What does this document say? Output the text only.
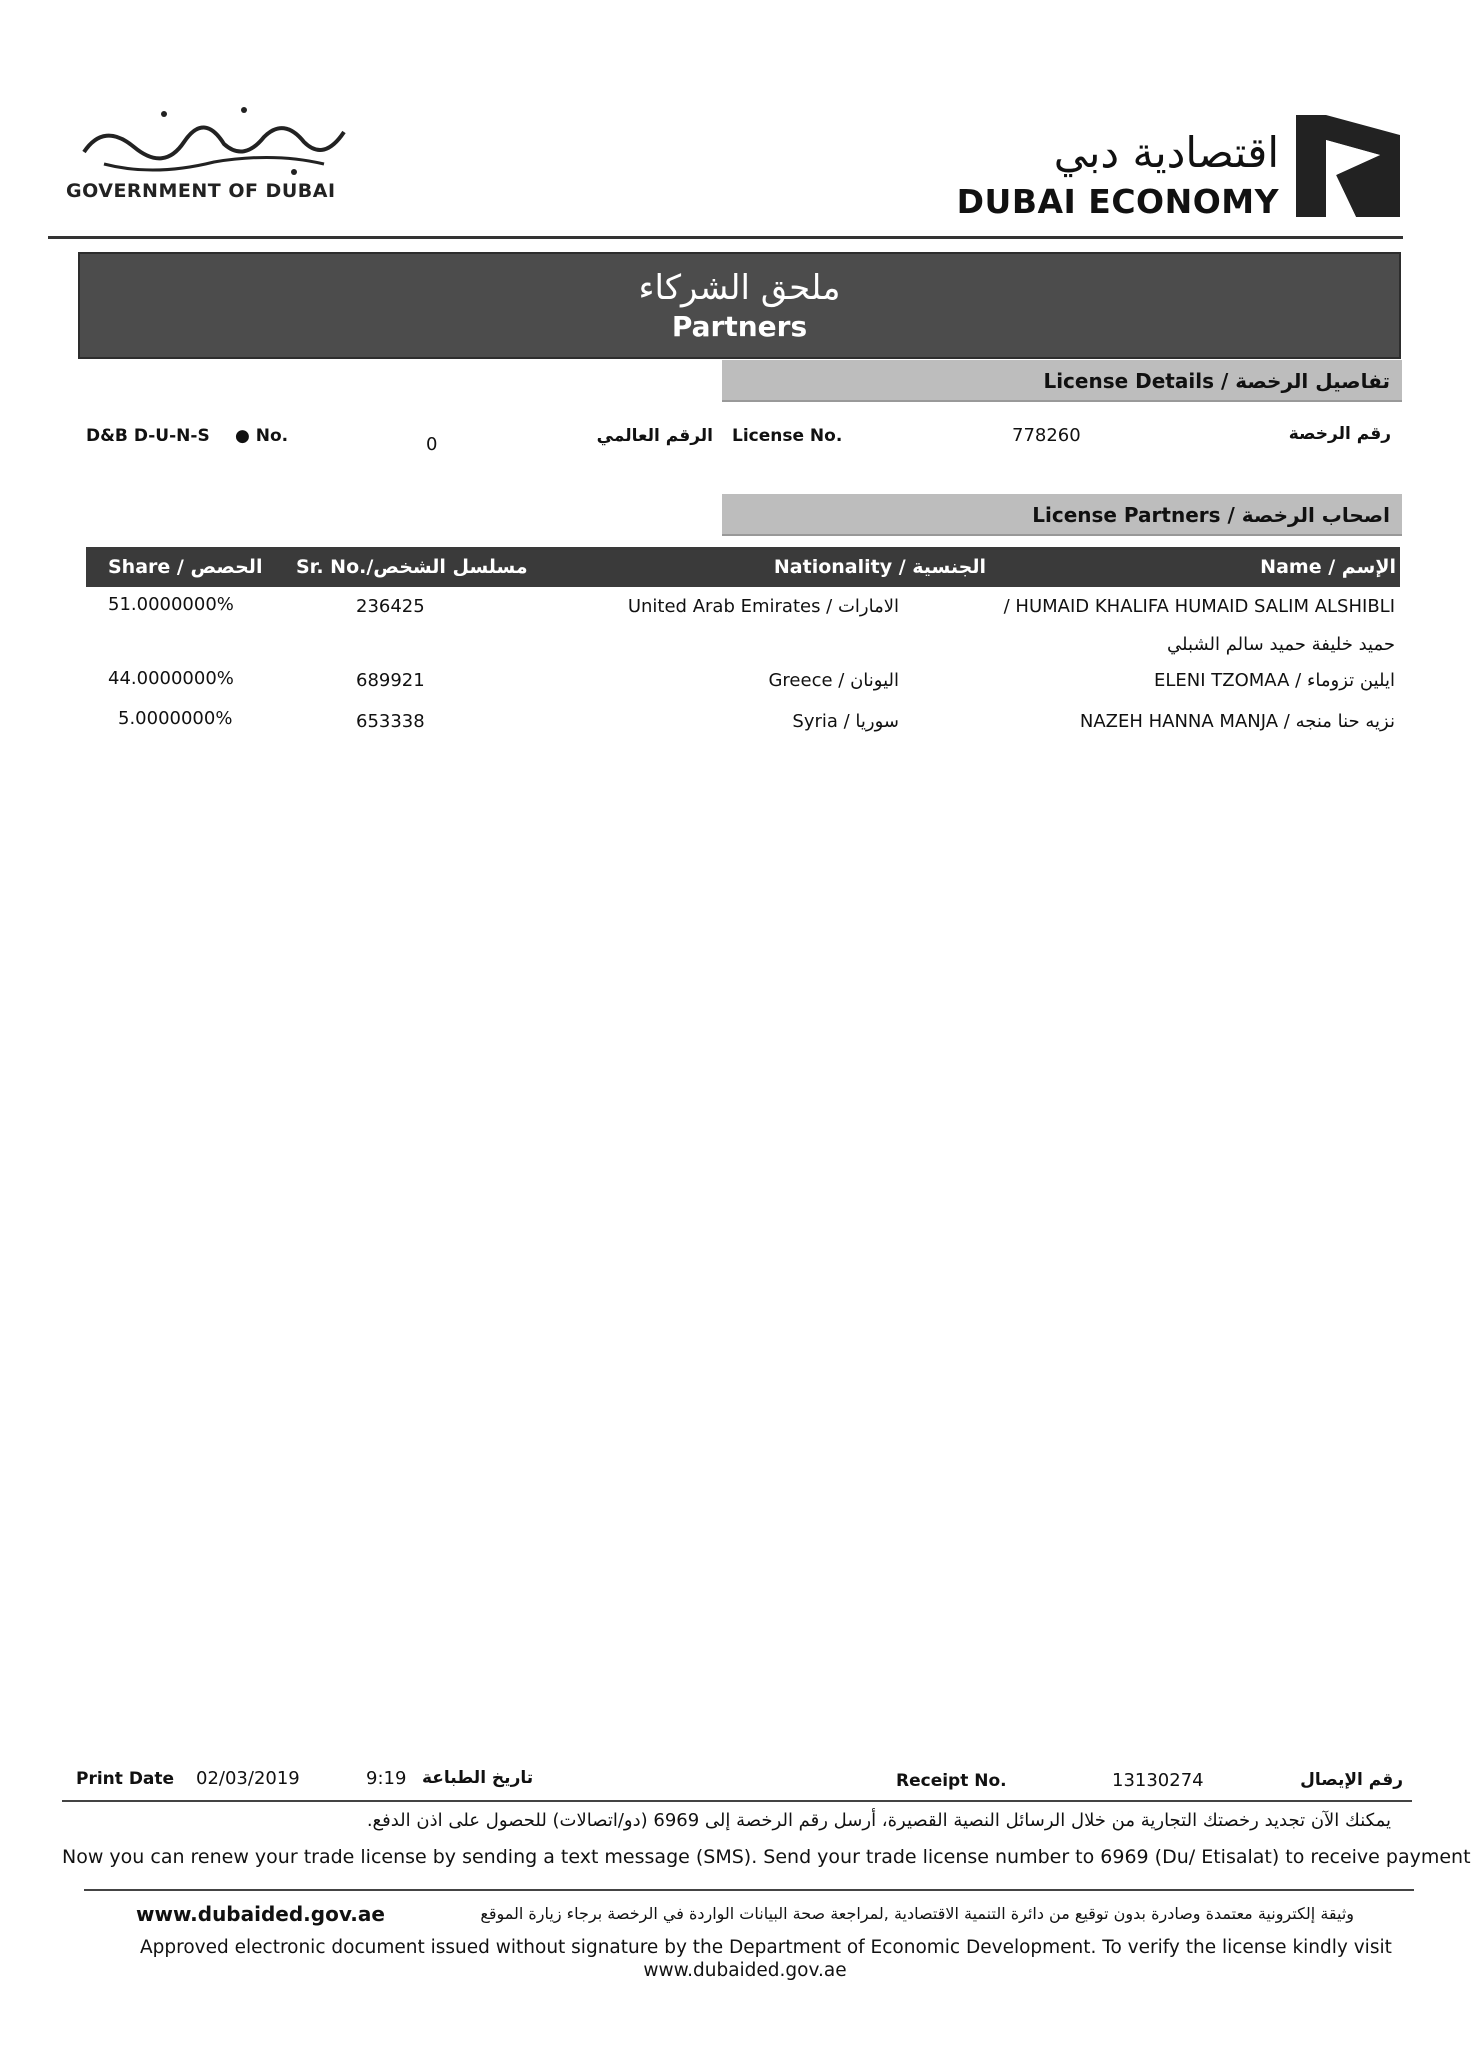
حكومة دبي
GOVERNMENT OF DUBAI
اقتصادية دبي
DUBAI ECONOMY
ملحق الشركاء
Partners
License Details / تفاصيل الرخصة
D&B D-U-N-S ● No.	0	الرقم العالمي License No.	778260	رقم الرخصة
License Partners / اصحاب الرخصة
Share / الحصص Sr. No./مسلسل الشخص	Nationality / الجنسية	Name / الإسم
51.0000000%	236425	United Arab Emirates / الامارات	/ HUMAID KHALIFA HUMAID SALIM ALSHIBLI
حميد خليفة حميد سالم الشبلي
44.0000000%	689921	Greece / اليونان	ELENI TZOMAA / ايلين تزوماء
5.0000000%	653338	Syria / سوريا	NAZEH HANNA MANJA / نزيه حنا منجه
Print Date 02/03/2019	9:19 تاريخ الطباعة	Receipt No.	13130274	رقم الإيصال
يمكنك الآن تجديد رخصتك التجارية من خلال الرسائل النصية القصيرة، أرسل رقم الرخصة إلى 6969 (دو/اتصالات) للحصول على اذن الدفع.
Now you can renew your trade license by sending a text message (SMS). Send your trade license number to 6969 (Du/ Etisalat) to receive payment
www.dubaided.gov.ae	وثيقة إلكترونية معتمدة وصادرة بدون توقيع من دائرة التنمية الاقتصادية ,لمراجعة صحة البيانات الواردة في الرخصة برجاء زيارة الموقع
Approved electronic document issued without signature by the Department of Economic Development. To verify the license kindly visit
www.dubaided.gov.ae
